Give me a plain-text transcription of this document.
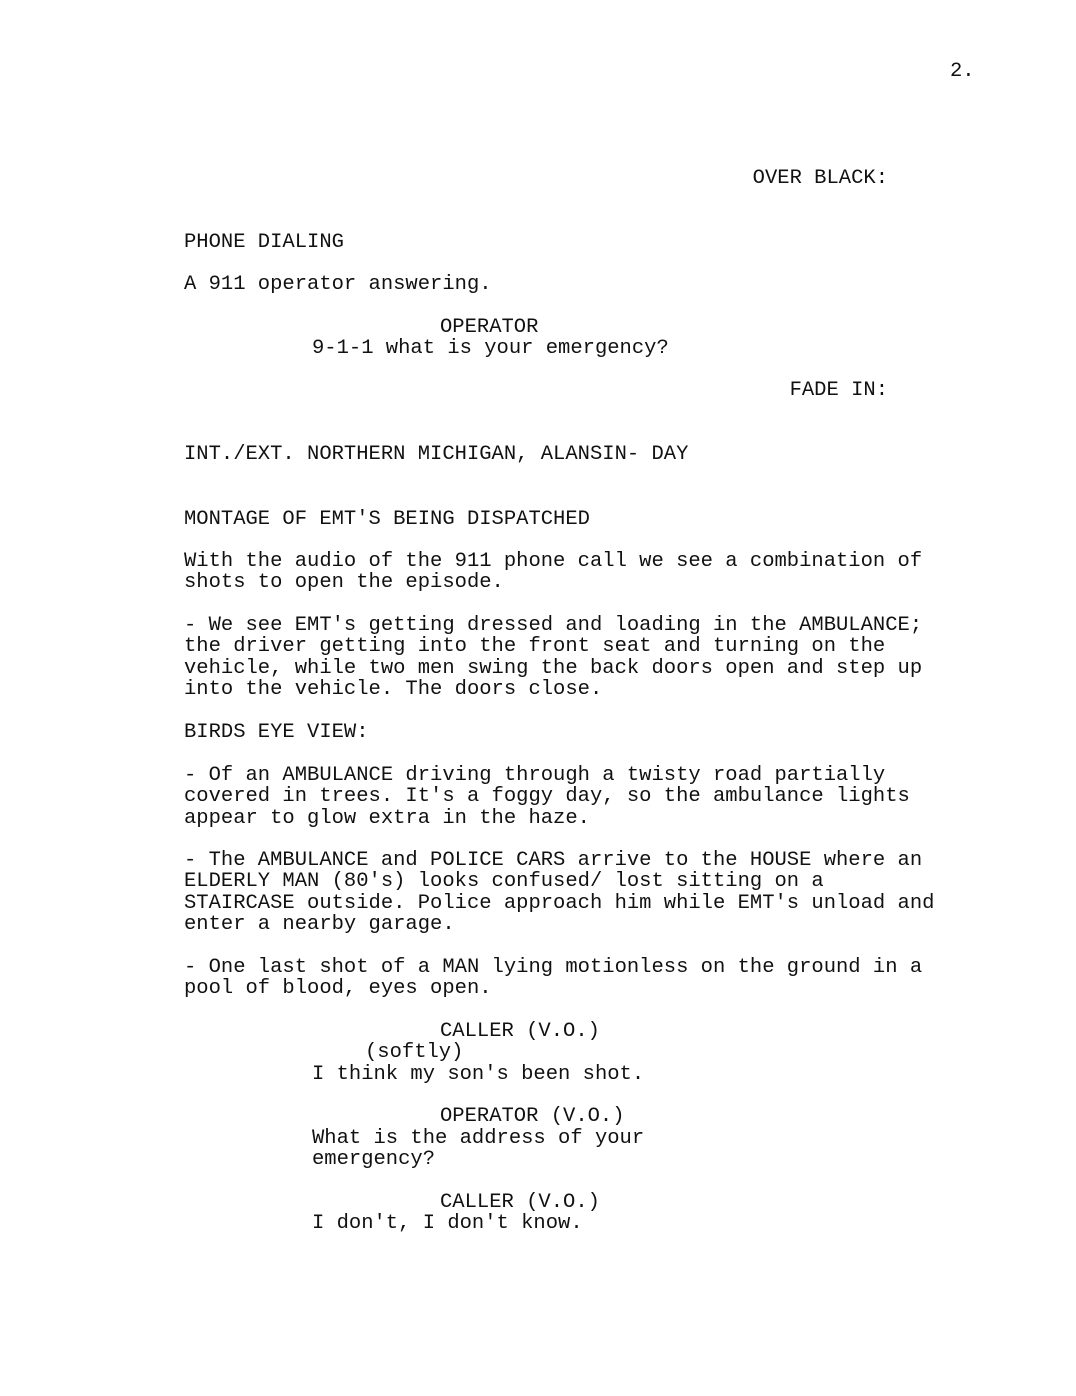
2.
OVER BLACK:
PHONE DIALING
A 911 operator answering.
OPERATOR
9-1-1 what is your emergency?
FADE IN:
INT./EXT. NORTHERN MICHIGAN, ALANSIN- DAY
MONTAGE OF EMT'S BEING DISPATCHED
With the audio of the 911 phone call we see a combination of
shots to open the episode.
- We see EMT's getting dressed and loading in the AMBULANCE;
the driver getting into the front seat and turning on the
vehicle, while two men swing the back doors open and step up
into the vehicle. The doors close.
BIRDS EYE VIEW:
- Of an AMBULANCE driving through a twisty road partially
covered in trees. It's a foggy day, so the ambulance lights
appear to glow extra in the haze.
- The AMBULANCE and POLICE CARS arrive to the HOUSE where an
ELDERLY MAN (80's) looks confused/ lost sitting on a
STAIRCASE outside. Police approach him while EMT's unload and
enter a nearby garage.
- One last shot of a MAN lying motionless on the ground in a
pool of blood, eyes open.
CALLER (V.O.)
(softly)
I think my son's been shot.
OPERATOR (V.O.)
What is the address of your
emergency?
CALLER (V.O.)
I don't, I don't know.
